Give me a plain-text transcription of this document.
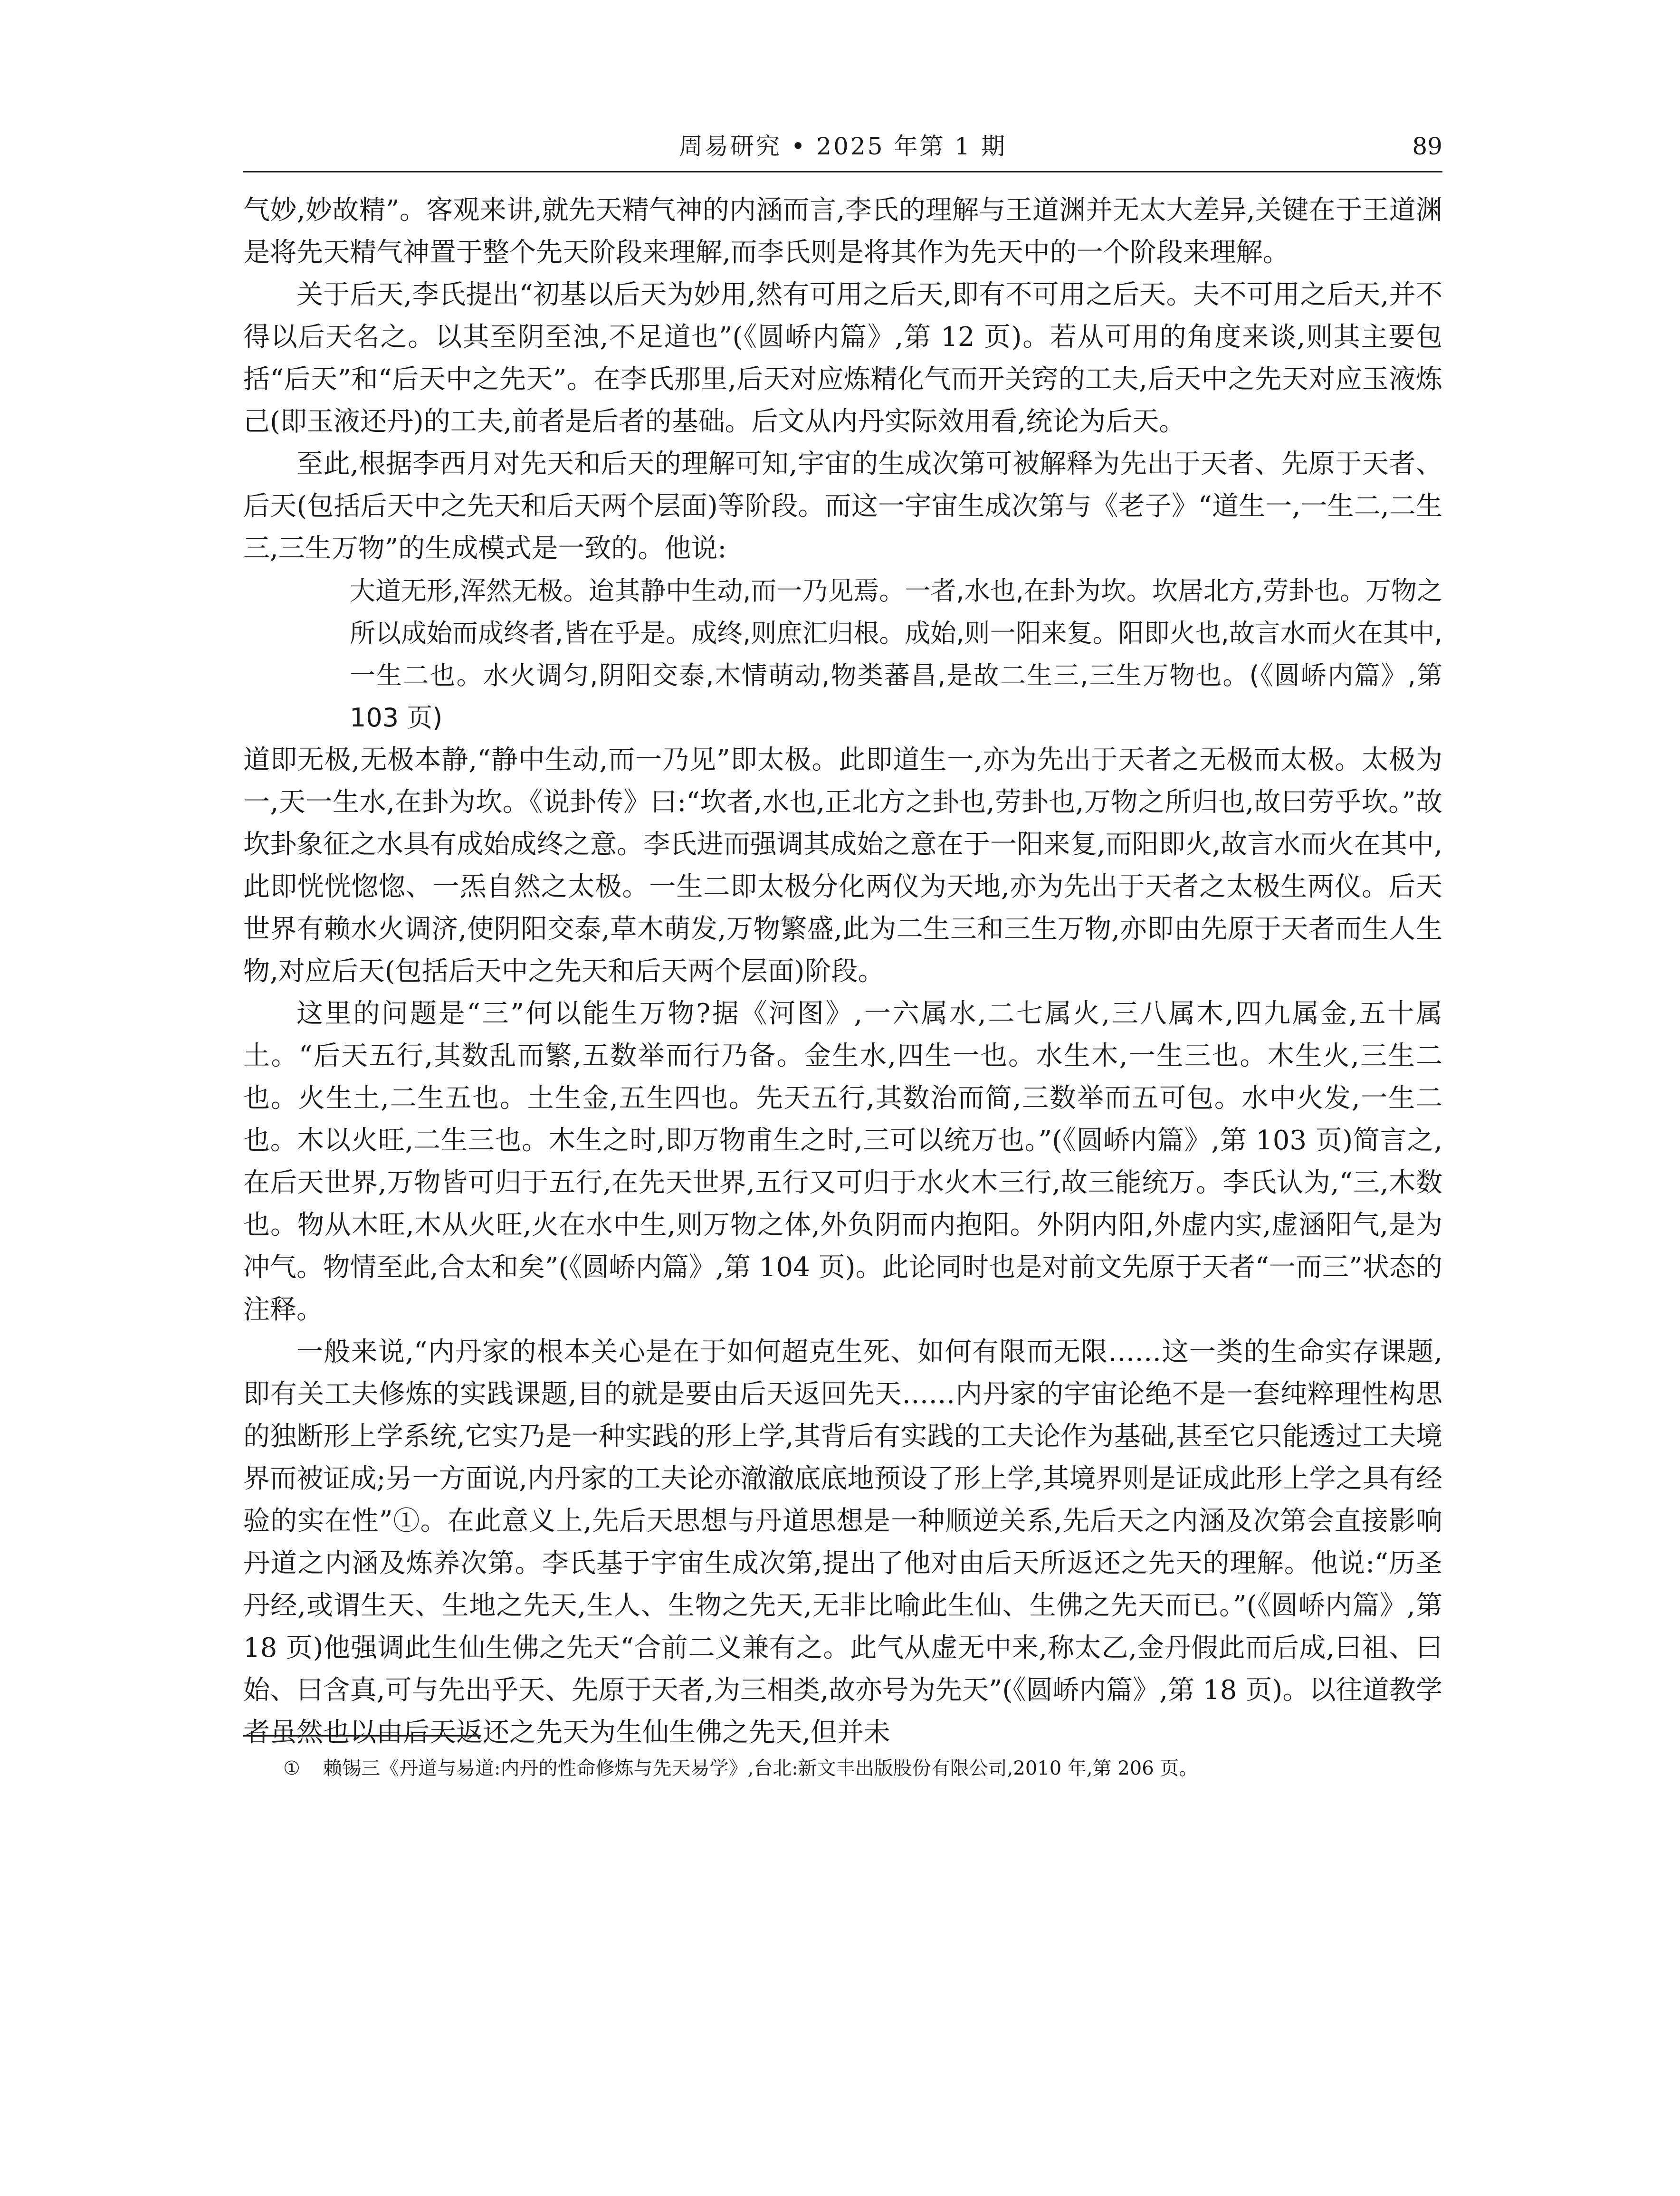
周易研究 • 2025 年第 1 期	89

气妙,妙故精”。客观来讲,就先天精气神的内涵而言,李氏的理解与王道渊并无太大差异,关键在于王道渊是将先天精气神置于整个先天阶段来理解,而李氏则是将其作为先天中的一个阶段来理解。

关于后天,李氏提出“初基以后天为妙用,然有可用之后天,即有不可用之后天。夫不可用之后天,并不得以后天名之。以其至阴至浊,不足道也”(《圆峤内篇》,第 12 页)。若从可用的角度来谈,则其主要包括“后天”和“后天中之先天”。在李氏那里,后天对应炼精化气而开关窍的工夫,后天中之先天对应玉液炼己(即玉液还丹)的工夫,前者是后者的基础。后文从内丹实际效用看,统论为后天。

至此,根据李西月对先天和后天的理解可知,宇宙的生成次第可被解释为先出于天者、先原于天者、后天(包括后天中之先天和后天两个层面)等阶段。而这一宇宙生成次第与《老子》“道生一,一生二,二生三,三生万物”的生成模式是一致的。他说:

大道无形,浑然无极。迨其静中生动,而一乃见焉。一者,水也,在卦为坎。坎居北方,劳卦也。万物之所以成始而成终者,皆在乎是。成终,则庶汇归根。成始,则一阳来复。阳即火也,故言水而火在其中,一生二也。水火调匀,阴阳交泰,木情萌动,物类蕃昌,是故二生三,三生万物也。(《圆峤内篇》,第 103 页)

道即无极,无极本静,“静中生动,而一乃见”即太极。此即道生一,亦为先出于天者之无极而太极。太极为一,天一生水,在卦为坎。《说卦传》曰:“坎者,水也,正北方之卦也,劳卦也,万物之所归也,故曰劳乎坎。”故坎卦象征之水具有成始成终之意。李氏进而强调其成始之意在于一阳来复,而阳即火,故言水而火在其中,此即恍恍惚惚、一炁自然之太极。一生二即太极分化两仪为天地,亦为先出于天者之太极生两仪。后天世界有赖水火调济,使阴阳交泰,草木萌发,万物繁盛,此为二生三和三生万物,亦即由先原于天者而生人生物,对应后天(包括后天中之先天和后天两个层面)阶段。

这里的问题是“三”何以能生万物?据《河图》,一六属水,二七属火,三八属木,四九属金,五十属土。“后天五行,其数乱而繁,五数举而行乃备。金生水,四生一也。水生木,一生三也。木生火,三生二也。火生土,二生五也。土生金,五生四也。先天五行,其数治而简,三数举而五可包。水中火发,一生二也。木以火旺,二生三也。木生之时,即万物甫生之时,三可以统万也。”(《圆峤内篇》,第 103 页)简言之,在后天世界,万物皆可归于五行,在先天世界,五行又可归于水火木三行,故三能统万。李氏认为,“三,木数也。物从木旺,木从火旺,火在水中生,则万物之体,外负阴而内抱阳。外阴内阳,外虚内实,虚涵阳气,是为冲气。物情至此,合太和矣”(《圆峤内篇》,第 104 页)。此论同时也是对前文先原于天者“一而三”状态的注释。

一般来说,“内丹家的根本关心是在于如何超克生死、如何有限而无限……这一类的生命实存课题,即有关工夫修炼的实践课题,目的就是要由后天返回先天……内丹家的宇宙论绝不是一套纯粹理性构思的独断形上学系统,它实乃是一种实践的形上学,其背后有实践的工夫论作为基础,甚至它只能透过工夫境界而被证成;另一方面说,内丹家的工夫论亦澈澈底底地预设了形上学,其境界则是证成此形上学之具有经验的实在性”①。在此意义上,先后天思想与丹道思想是一种顺逆关系,先后天之内涵及次第会直接影响丹道之内涵及炼养次第。李氏基于宇宙生成次第,提出了他对由后天所返还之先天的理解。他说:“历圣丹经,或谓生天、生地之先天,生人、生物之先天,无非比喻此生仙、生佛之先天而已。”(《圆峤内篇》,第 18 页)他强调此生仙生佛之先天“合前二义兼有之。此气从虚无中来,称太乙,金丹假此而后成,曰祖、曰始、曰含真,可与先出乎天、先原于天者,为三相类,故亦号为先天”(《圆峤内篇》,第 18 页)。以往道教学者虽然也以由后天返还之先天为生仙生佛之先天,但并未

① 赖锡三《丹道与易道:内丹的性命修炼与先天易学》,台北:新文丰出版股份有限公司,2010 年,第 206 页。
